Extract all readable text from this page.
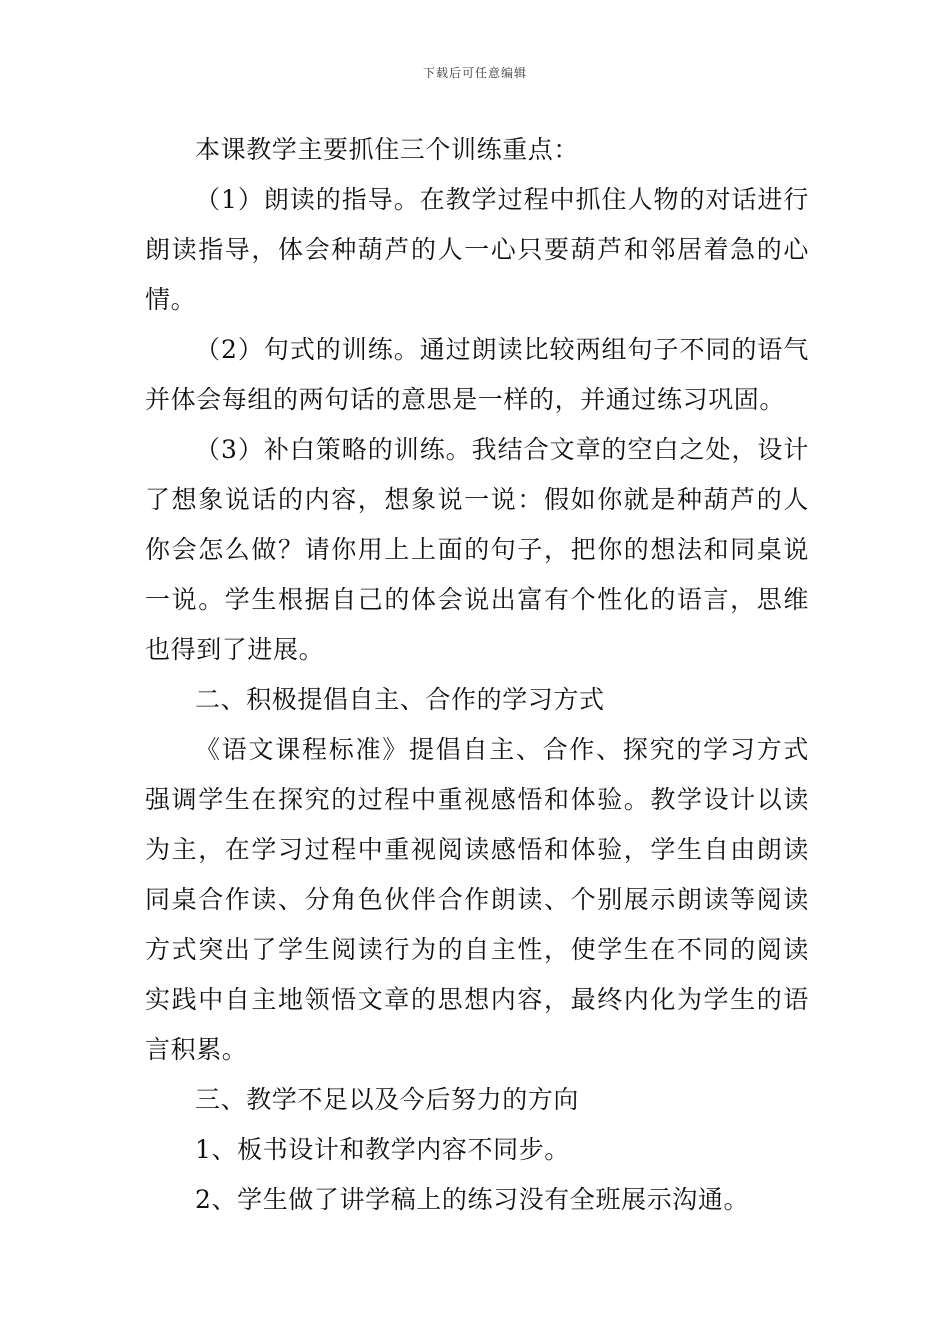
下载后可任意编辑

本课教学主要抓住三个训练重点：

（1）朗读的指导。在教学过程中抓住人物的对话进行朗读指导，体会种葫芦的人一心只要葫芦和邻居着急的心情。

（2）句式的训练。通过朗读比较两组句子不同的语气并体会每组的两句话的意思是一样的，并通过练习巩固。

（3）补白策略的训练。我结合文章的空白之处，设计了想象说话的内容，想象说一说：假如你就是种葫芦的人你会怎么做？请你用上上面的句子，把你的想法和同桌说一说。学生根据自己的体会说出富有个性化的语言，思维也得到了进展。

二、积极提倡自主、合作的学习方式

《语文课程标准》提倡自主、合作、探究的学习方式强调学生在探究的过程中重视感悟和体验。教学设计以读为主，在学习过程中重视阅读感悟和体验，学生自由朗读同桌合作读、分角色伙伴合作朗读、个别展示朗读等阅读方式突出了学生阅读行为的自主性，使学生在不同的阅读实践中自主地领悟文章的思想内容，最终内化为学生的语言积累。

三、教学不足以及今后努力的方向

1、板书设计和教学内容不同步。

2、学生做了讲学稿上的练习没有全班展示沟通。
